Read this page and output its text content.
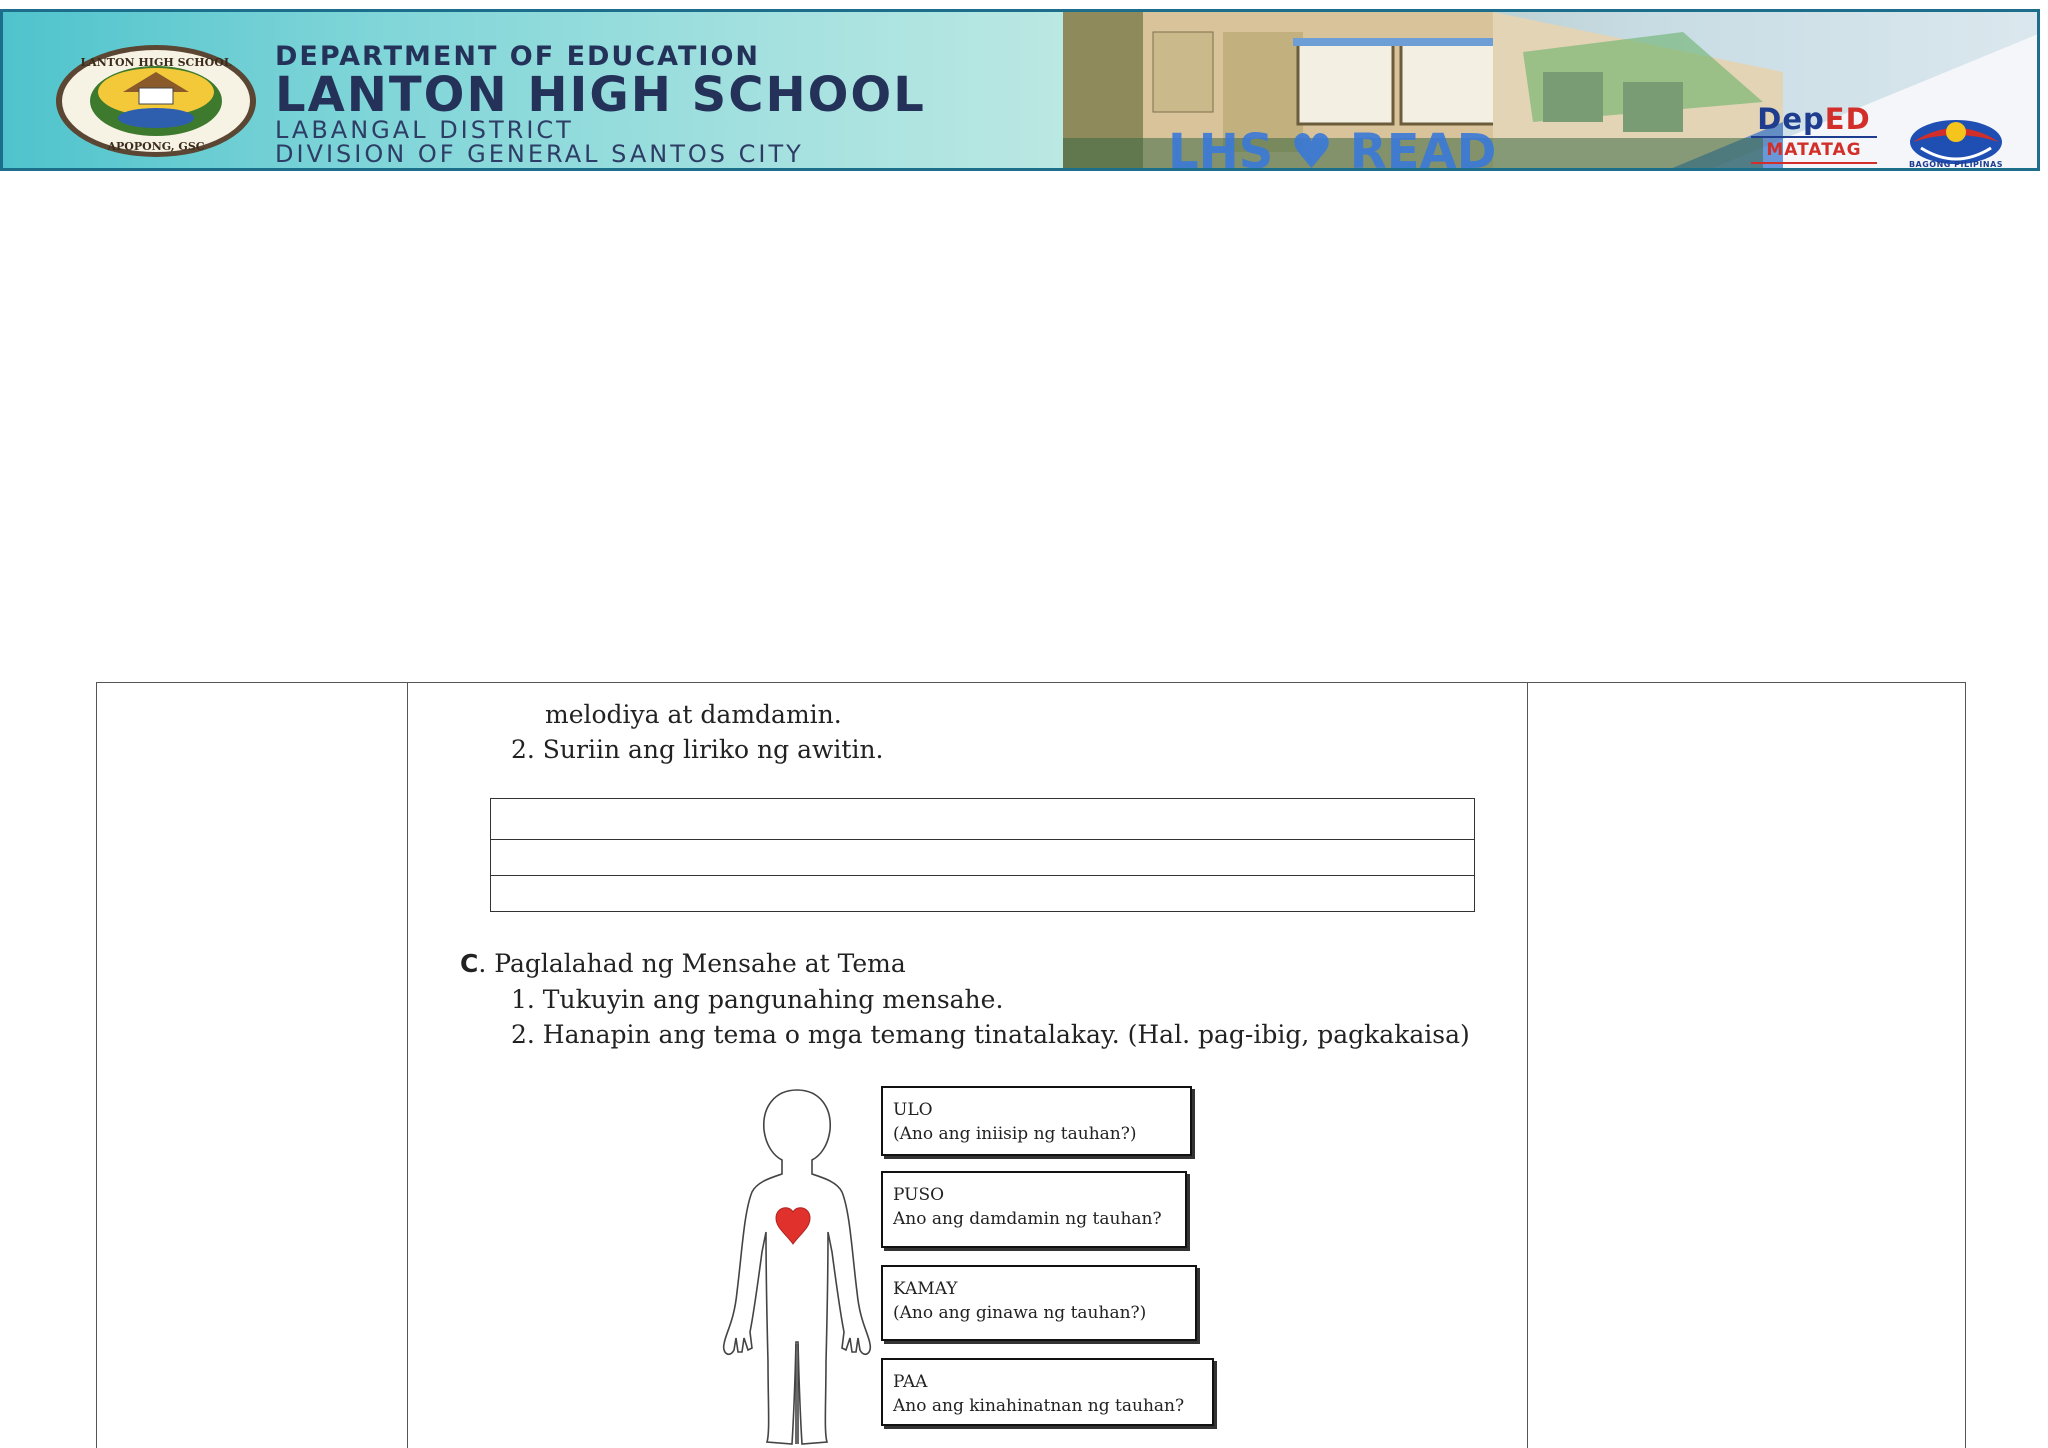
LANTON HIGH SCHOOL
APOPONG, GSC
DEPARTMENT OF EDUCATION
LANTON HIGH SCHOOL
LABANGAL DISTRICT
DIVISION OF GENERAL SANTOS CITY	LHS ♥ READ
DepED
MATATAG
BAGONG PILIPINAS
melodiya at damdamin.
2. Suriin ang liriko ng awitin.
C. Paglalahad ng Mensahe at Tema
1. Tukuyin ang pangunahing mensahe.
2. Hanapin ang tema o mga temang tinatalakay. (Hal. pag-ibig, pagkakaisa)
ULO
(Ano ang iniisip ng tauhan?)
PUSO
Ano ang damdamin ng tauhan?
KAMAY
(Ano ang ginawa ng tauhan?)
PAA
Ano ang kinahinatnan ng tauhan?
